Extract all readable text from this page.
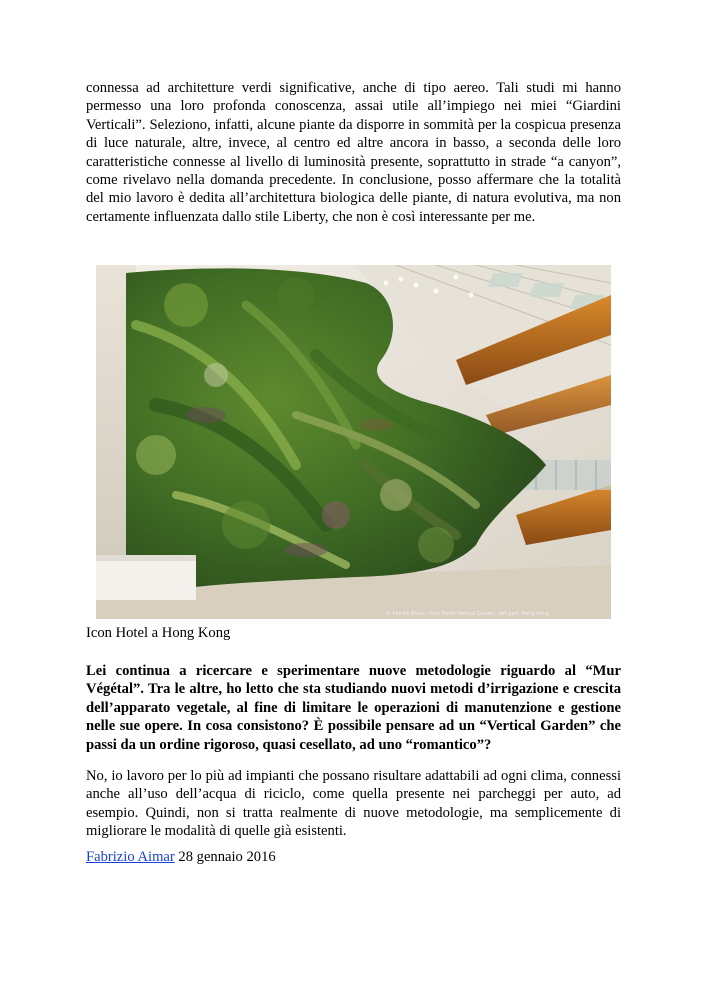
connessa ad architetture verdi significative, anche di tipo aereo. Tali studi mi hanno permesso una loro profonda conoscenza, assai utile all’impiego nei miei “Giardini Verticali”. Seleziono, infatti, alcune piante da disporre in sommità per la cospicua presenza di luce naturale, altre, invece, al centro ed altre ancora in basso, a seconda delle loro caratteristiche connesse al livello di luminosità presente, soprattutto in strade “a canyon”, come rivelavo nella domanda precedente. In conclusione, posso affermare che la totalità del mio lavoro è dedita all’architettura biologica delle piante, di natura evolutiva, ma non certamente influenzata dallo stile Liberty, che non è così interessante per me.

© Patrick Blanc - Icon Hotel Vertical Garden, left part, Hong Kong

Icon Hotel a Hong Kong

Lei continua a ricercare e sperimentare nuove metodologie riguardo al “Mur Végétal”. Tra le altre, ho letto che sta studiando nuovi metodi d’irrigazione e crescita dell’apparato vegetale, al fine di limitare le operazioni di manutenzione e gestione nelle sue opere. In cosa consistono? È possibile pensare ad un “Vertical Garden” che passi da un ordine rigoroso, quasi cesellato, ad uno “romantico”?

No, io lavoro per lo più ad impianti che possano risultare adattabili ad ogni clima, connessi anche all’uso dell’acqua di riciclo, come quella presente nei parcheggi per auto, ad esempio. Quindi, non si tratta realmente di nuove metodologie, ma semplicemente di migliorare le modalità di quelle già esistenti.

Fabrizio Aimar 28 gennaio 2016
